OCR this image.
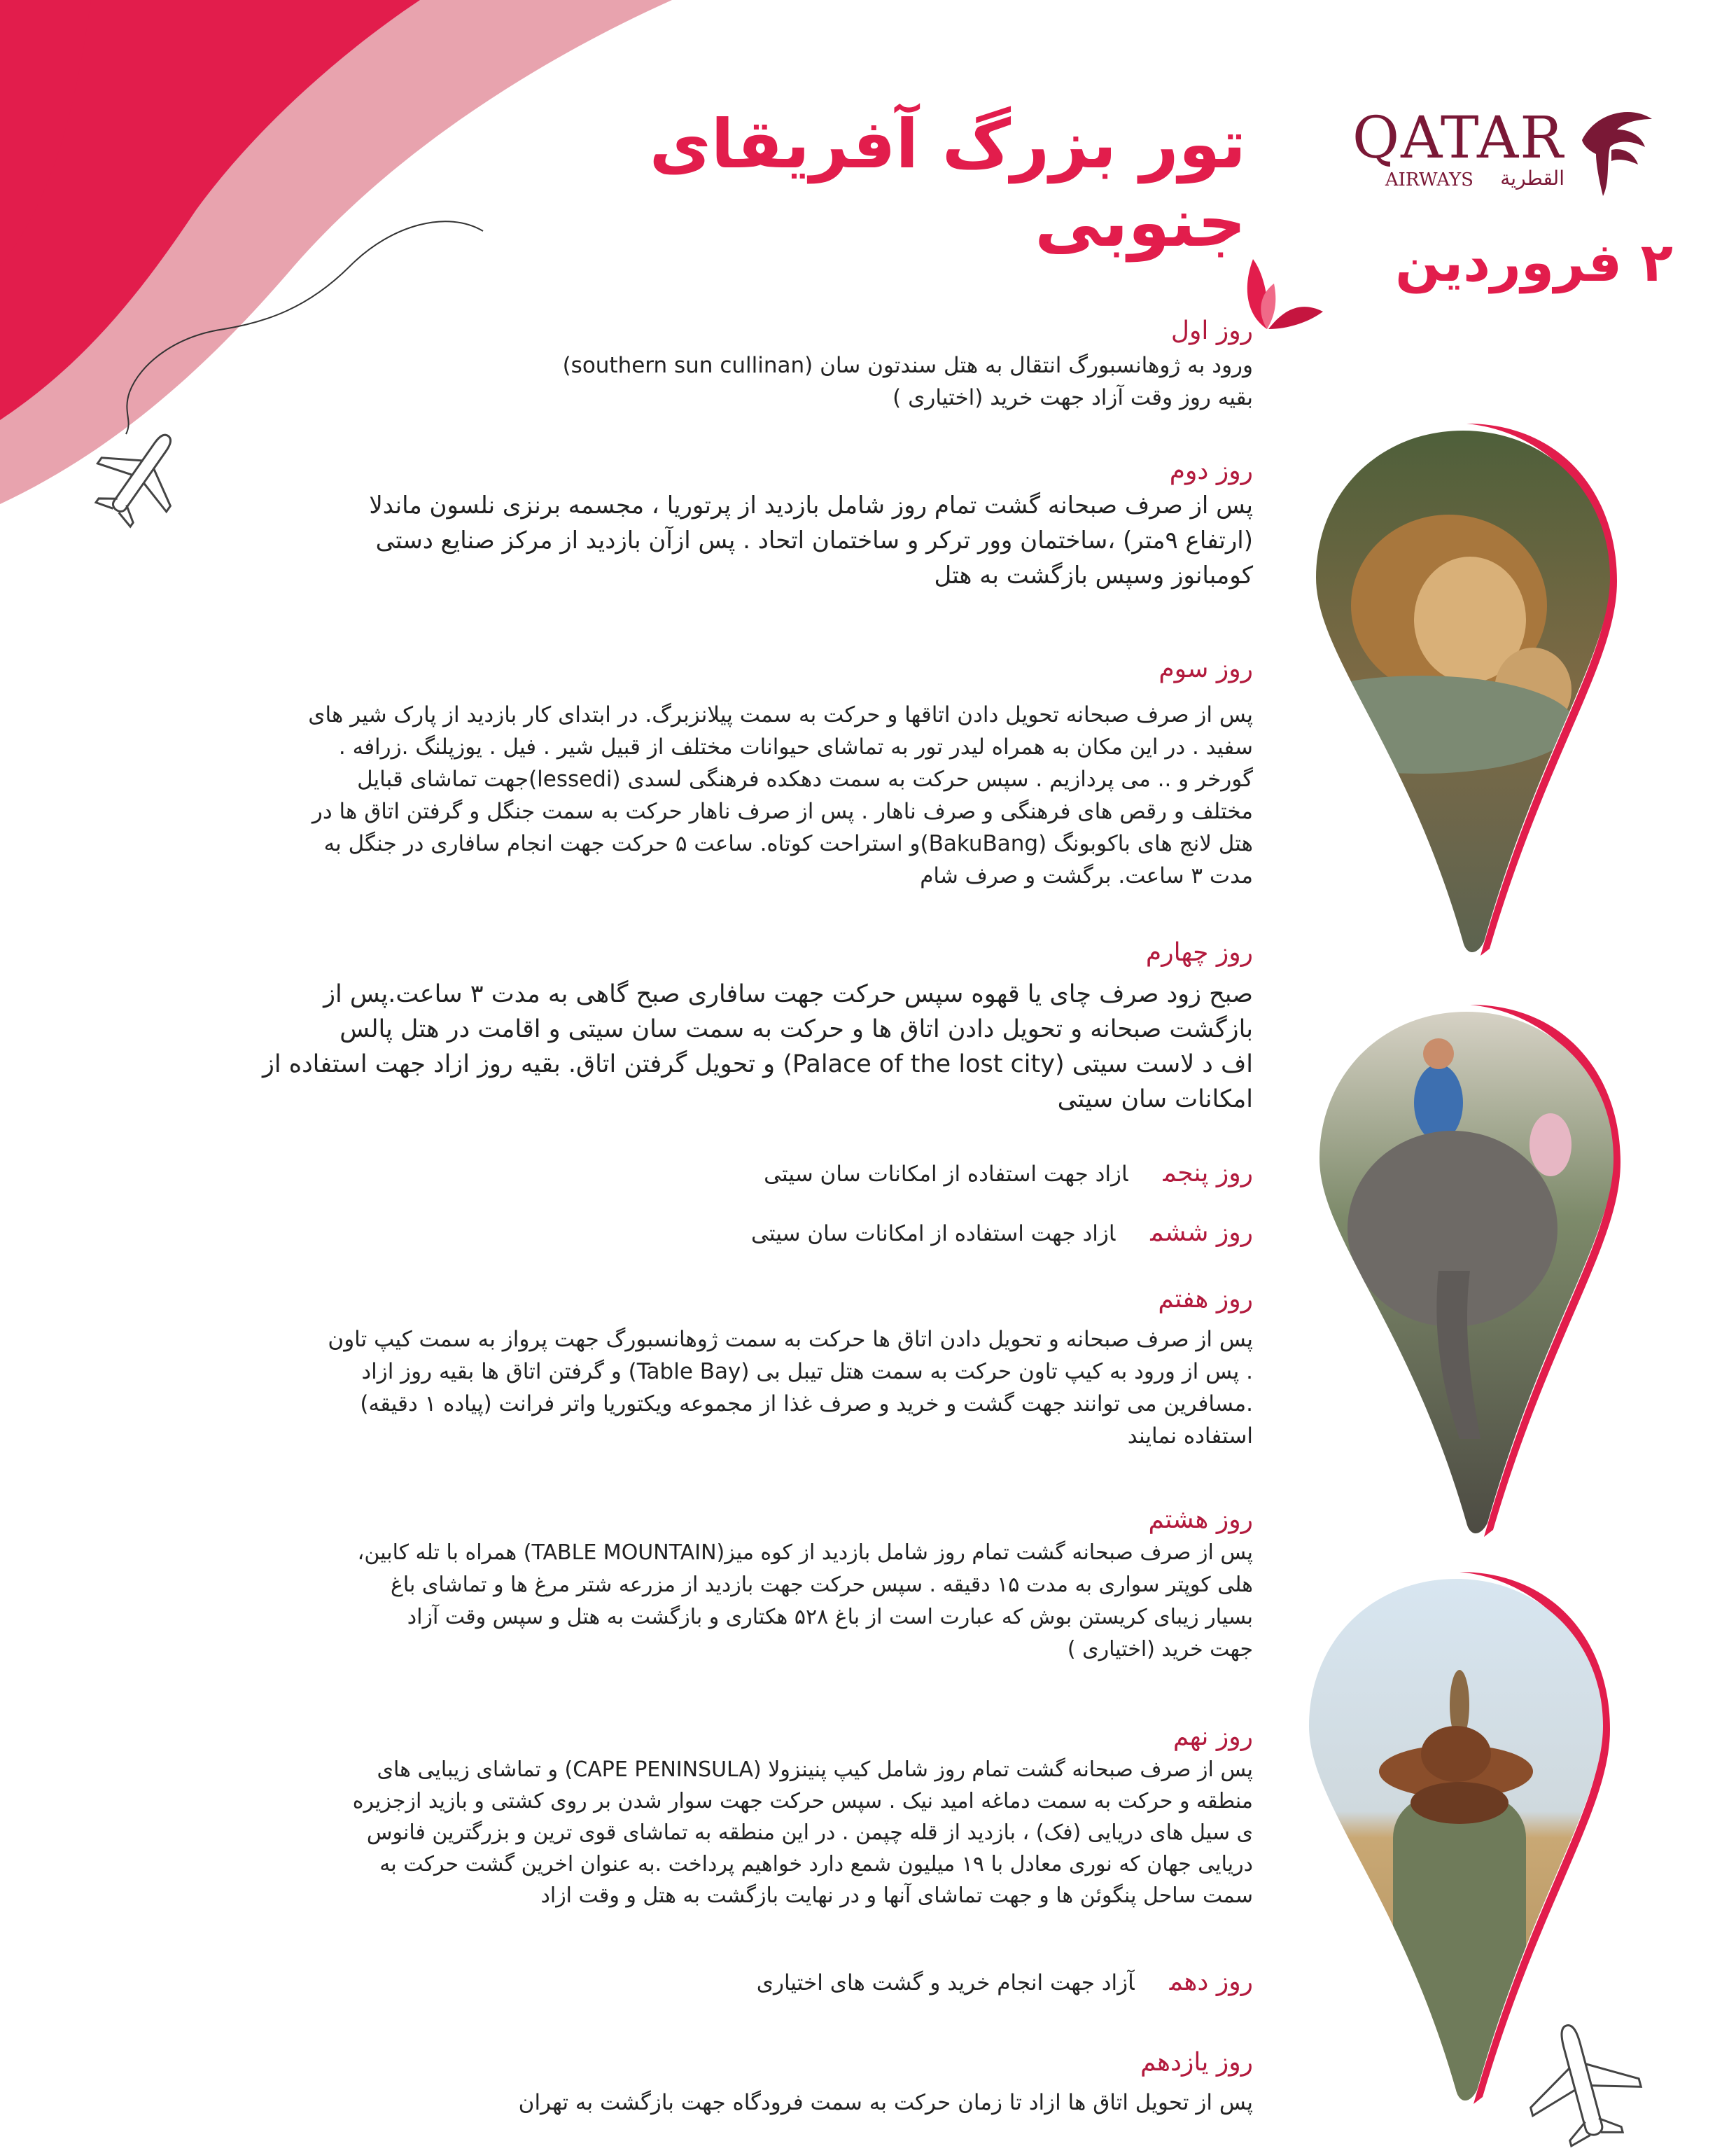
تور بزرگ آفریقای جنوبی
QATAR
AIRWAYS القطرية
۲ فروردین
روز اول

ورود به ژوهانسبورگ انتقال به هتل سندتون سان (southern sun cullinan)
بقیه روز وقت آزاد جهت خرید (اختیاری )

روز دوم

پس از صرف صبحانه گشت تمام روز شامل بازدید از پرتوریا ، مجسمه برنزی نلسون ماندلا
(ارتفاع ۹متر) ،ساختمان وور ترکر و ساختمان اتحاد . پس ازآن بازدید از مرکز صنایع دستی
کومبانوز وسپس بازگشت به هتل

روز سوم

پس از صرف صبحانه تحویل دادن اتاقها و حرکت به سمت پیلانزبرگ. در ابتدای کار بازدید از پارک شیر های
سفید . در این مکان به همراه لیدر تور به تماشای حیوانات مختلف از قبیل شیر . فیل . یوزپلنگ .زرافه .
گورخر و .. می پردازیم . سپس حرکت به سمت دهکده فرهنگی لسدی (lessedi)جهت تماشای قبایل
مختلف و رقص های فرهنگی و صرف ناهار . پس از صرف ناهار حرکت به سمت جنگل و گرفتن اتاق ها در
هتل لانج های باکوبونگ (BakuBang)و استراحت کوتاه. ساعت ۵ حرکت جهت انجام سافاری در جنگل به
مدت ۳ ساعت. برگشت و صرف شام

روز چهارم

صبح زود صرف چای یا قهوه سپس حرکت جهت سافاری صبح گاهی به مدت ۳ ساعت.پس از
بازگشت صبحانه و تحویل دادن اتاق ها و حرکت به سمت سان سیتی و اقامت در هتل پالس
اف د لاست سیتی (Palace of the lost city) و تحویل گرفتن اتاق. بقیه روز ازاد جهت استفاده از
امکانات سان سیتی

روز پنجمازاد جهت استفاده از امکانات سان سیتی
روز ششمازاد جهت استفاده از امکانات سان سیتی
روز هفتم

پس از صرف صبحانه و تحویل دادن اتاق ها حرکت به سمت ژوهانسبورگ جهت پرواز به سمت کیپ تاون
. پس از ورود به کیپ تاون حرکت به سمت هتل تیبل بی (Table Bay) و گرفتن اتاق ها بقیه روز ازاد
.مسافرین می توانند جهت گشت و خرید و صرف غذا از مجموعه ویکتوریا واتر فرانت (پیاده ۱ دقیقه)
استفاده نمایند

روز هشتم

پس از صرف صبحانه گشت تمام روز شامل بازدید از کوه میز(TABLE MOUNTAIN) همراه با تله کابین،
هلی کوپتر سواری به مدت ۱۵ دقیقه . سپس حرکت جهت بازدید از مزرعه شتر مرغ ها و تماشای باغ
بسیار زیبای کریستن بوش که عبارت است از باغ ۵۲۸ هکتاری و بازگشت به هتل و سپس وقت آزاد
جهت خرید (اختیاری )

روز نهم

پس از صرف صبحانه گشت تمام روز شامل کیپ پنینزولا (CAPE PENINSULA) و تماشای زیبایی های
منطقه و حرکت به سمت دماغه امید نیک . سپس حرکت جهت سوار شدن بر روی کشتی و بازید ازجزیره
ی سیل های دریایی (فک) ، بازدید از قله چپمن . در این منطقه به تماشای قوی ترین و بزرگترین فانوس
دریایی جهان که نوری معادل با ۱۹ میلیون شمع دارد خواهیم پرداخت .به عنوان اخرین گشت حرکت به
سمت ساحل پنگوئن ها و جهت تماشای آنها و در نهایت بازگشت به هتل و وقت ازاد

روز دهمآزاد جهت انجام خرید و گشت های اختیاری
روز یازدهم

پس از تحویل اتاق ها ازاد تا زمان حرکت به سمت فرودگاه جهت بازگشت به تهران
